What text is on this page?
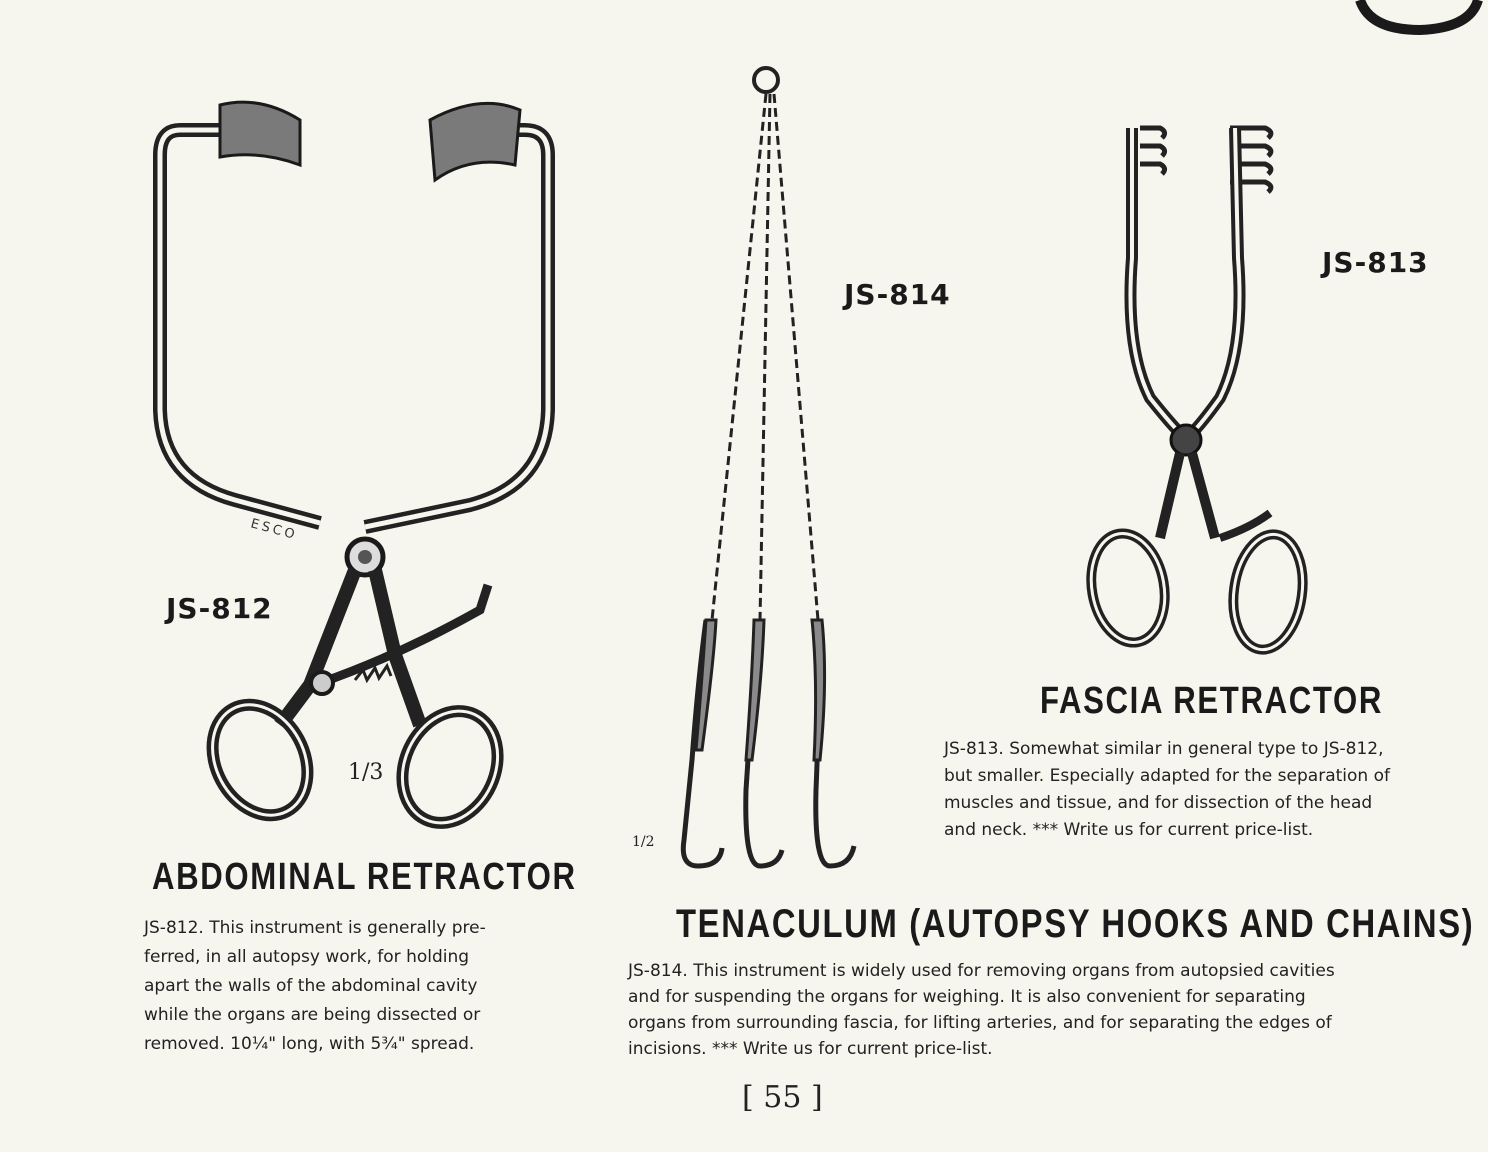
ESCO
JS-812
1/3
ABDOMINAL RETRACTOR

JS-812. This instrument is generally pre-

ferred, in all autopsy work, for holding

apart the walls of the abdominal cavity

while the organs are being dissected or

removed. 10¼" long, with 5¾" spread.

1/2
JS-814
TENACULUM (AUTOPSY HOOKS AND CHAINS)

JS-814. This instrument is widely used for removing organs from autopsied cavities

and for suspending the organs for weighing. It is also convenient for separating

organs from surrounding fascia, for lifting arteries, and for separating the edges of

incisions. *** Write us for current price-list.

JS-813
FASCIA RETRACTOR

JS-813. Somewhat similar in general type to JS-812,

but smaller. Especially adapted for the separation of

muscles and tissue, and for dissection of the head

and neck. *** Write us for current price-list.

[ 55 ]
